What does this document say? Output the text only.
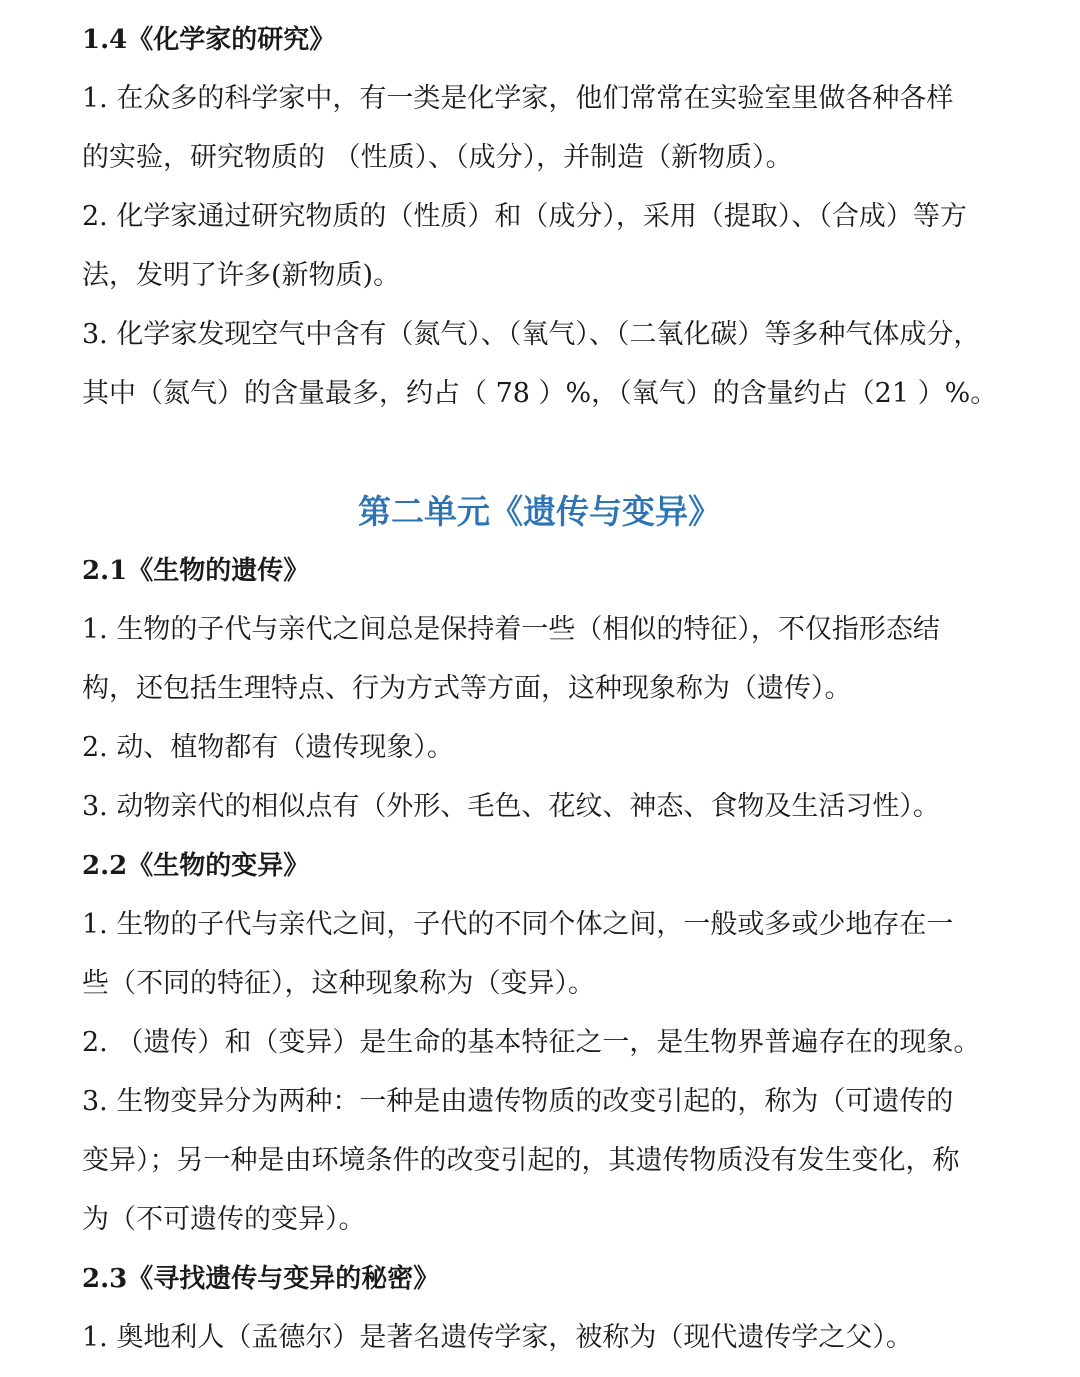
1.4《化学家的研究》
1. 在众多的科学家中，有一类是化学家，他们常常在实验室里做各种各样
的实验，研究物质的 （性质）、（成分），并制造（新物质）。
2. 化学家通过研究物质的（性质）和（成分），采用（提取）、（合成）等方
法，发明了许多(新物质)。
3. 化学家发现空气中含有（氮气）、（氧气）、（二氧化碳）等多种气体成分，
其中（氮气）的含量最多，约占（ 78 ）%，（氧气）的含量约占（21 ）%。
第二单元《遗传与变异》
2.1《生物的遗传》
1. 生物的子代与亲代之间总是保持着一些（相似的特征），不仅指形态结
构，还包括生理特点、行为方式等方面，这种现象称为（遗传）。
2. 动、植物都有（遗传现象）。
3. 动物亲代的相似点有（外形、毛色、花纹、神态、食物及生活习性）。
2.2《生物的变异》
1. 生物的子代与亲代之间，子代的不同个体之间，一般或多或少地存在一
些（不同的特征），这种现象称为（变异）。
2. （遗传）和（变异）是生命的基本特征之一，是生物界普遍存在的现象。
3. 生物变异分为两种：一种是由遗传物质的改变引起的，称为（可遗传的
变异）；另一种是由环境条件的改变引起的，其遗传物质没有发生变化，称
为（不可遗传的变异）。
2.3《寻找遗传与变异的秘密》
1. 奥地利人（孟德尔）是著名遗传学家，被称为（现代遗传学之父）。
